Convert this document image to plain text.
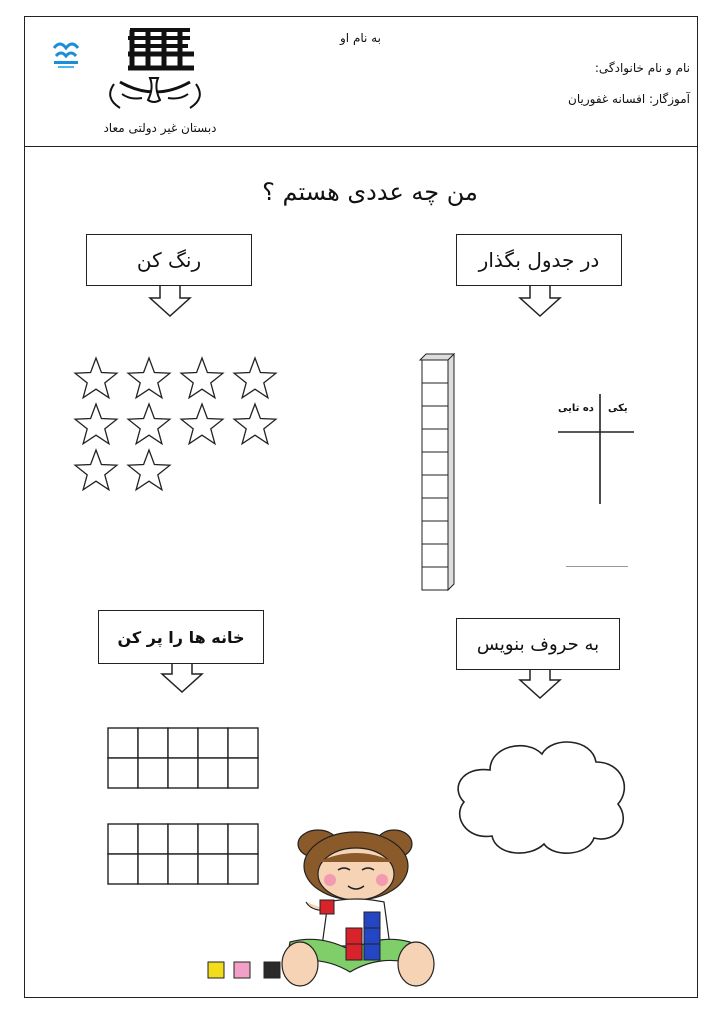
به نام او
نام و نام خانوادگی:
آموزگار: افسانه غفوریان
دبستان غیر دولتی معاد
من چه عددی هستم ؟
در جدول بگذار
رنگ کن
خانه ها را پر کن	به حروف بنویس
یکی
ده تایی
